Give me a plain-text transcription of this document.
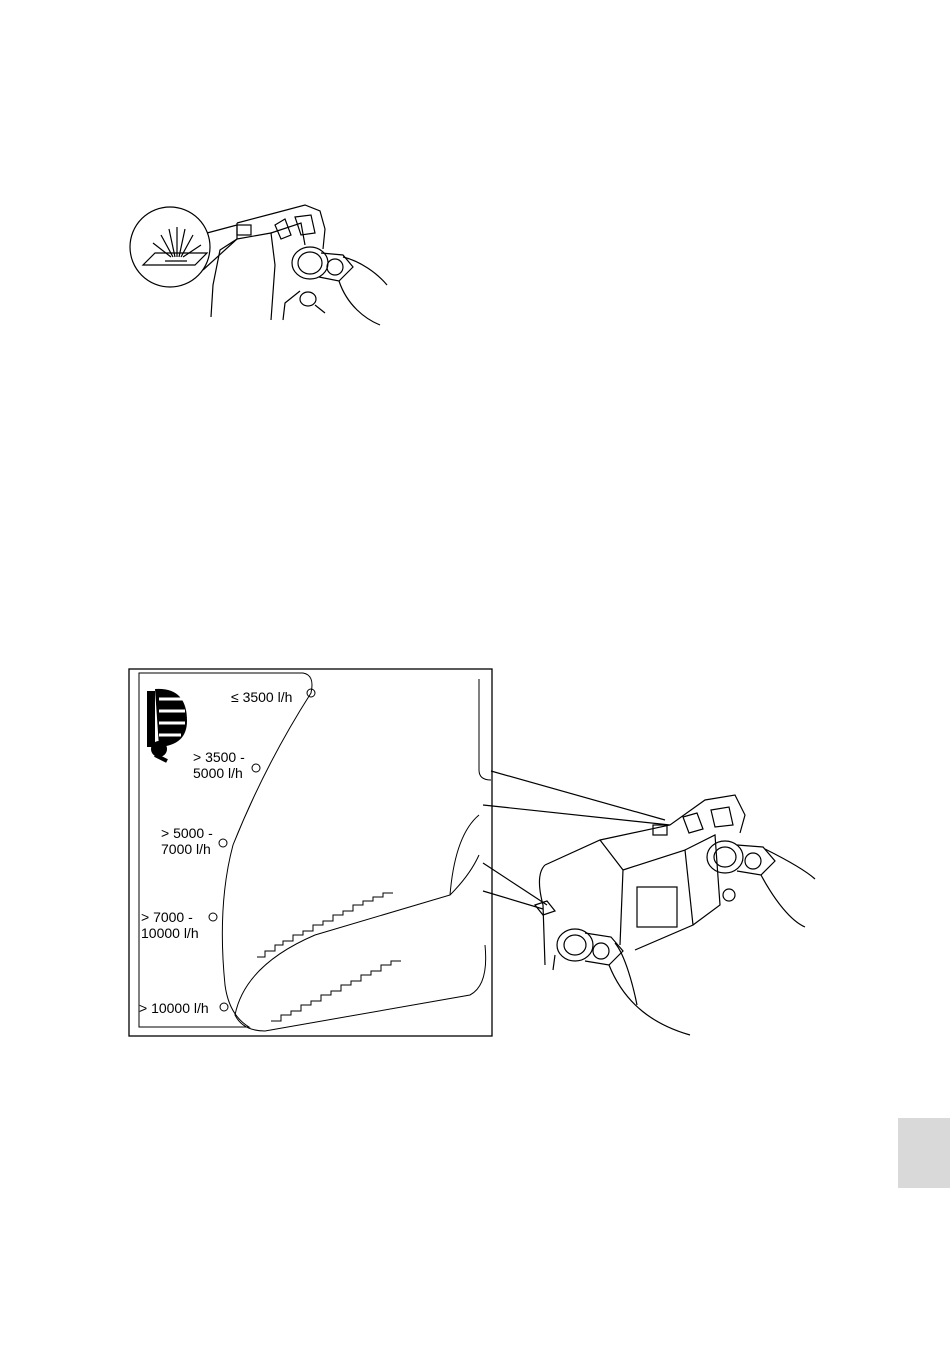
≤ 3500 l/h
> 3500 -
5000 l/h
> 5000 -
7000 l/h
> 7000 -
10000 l/h
> 10000 l/h
